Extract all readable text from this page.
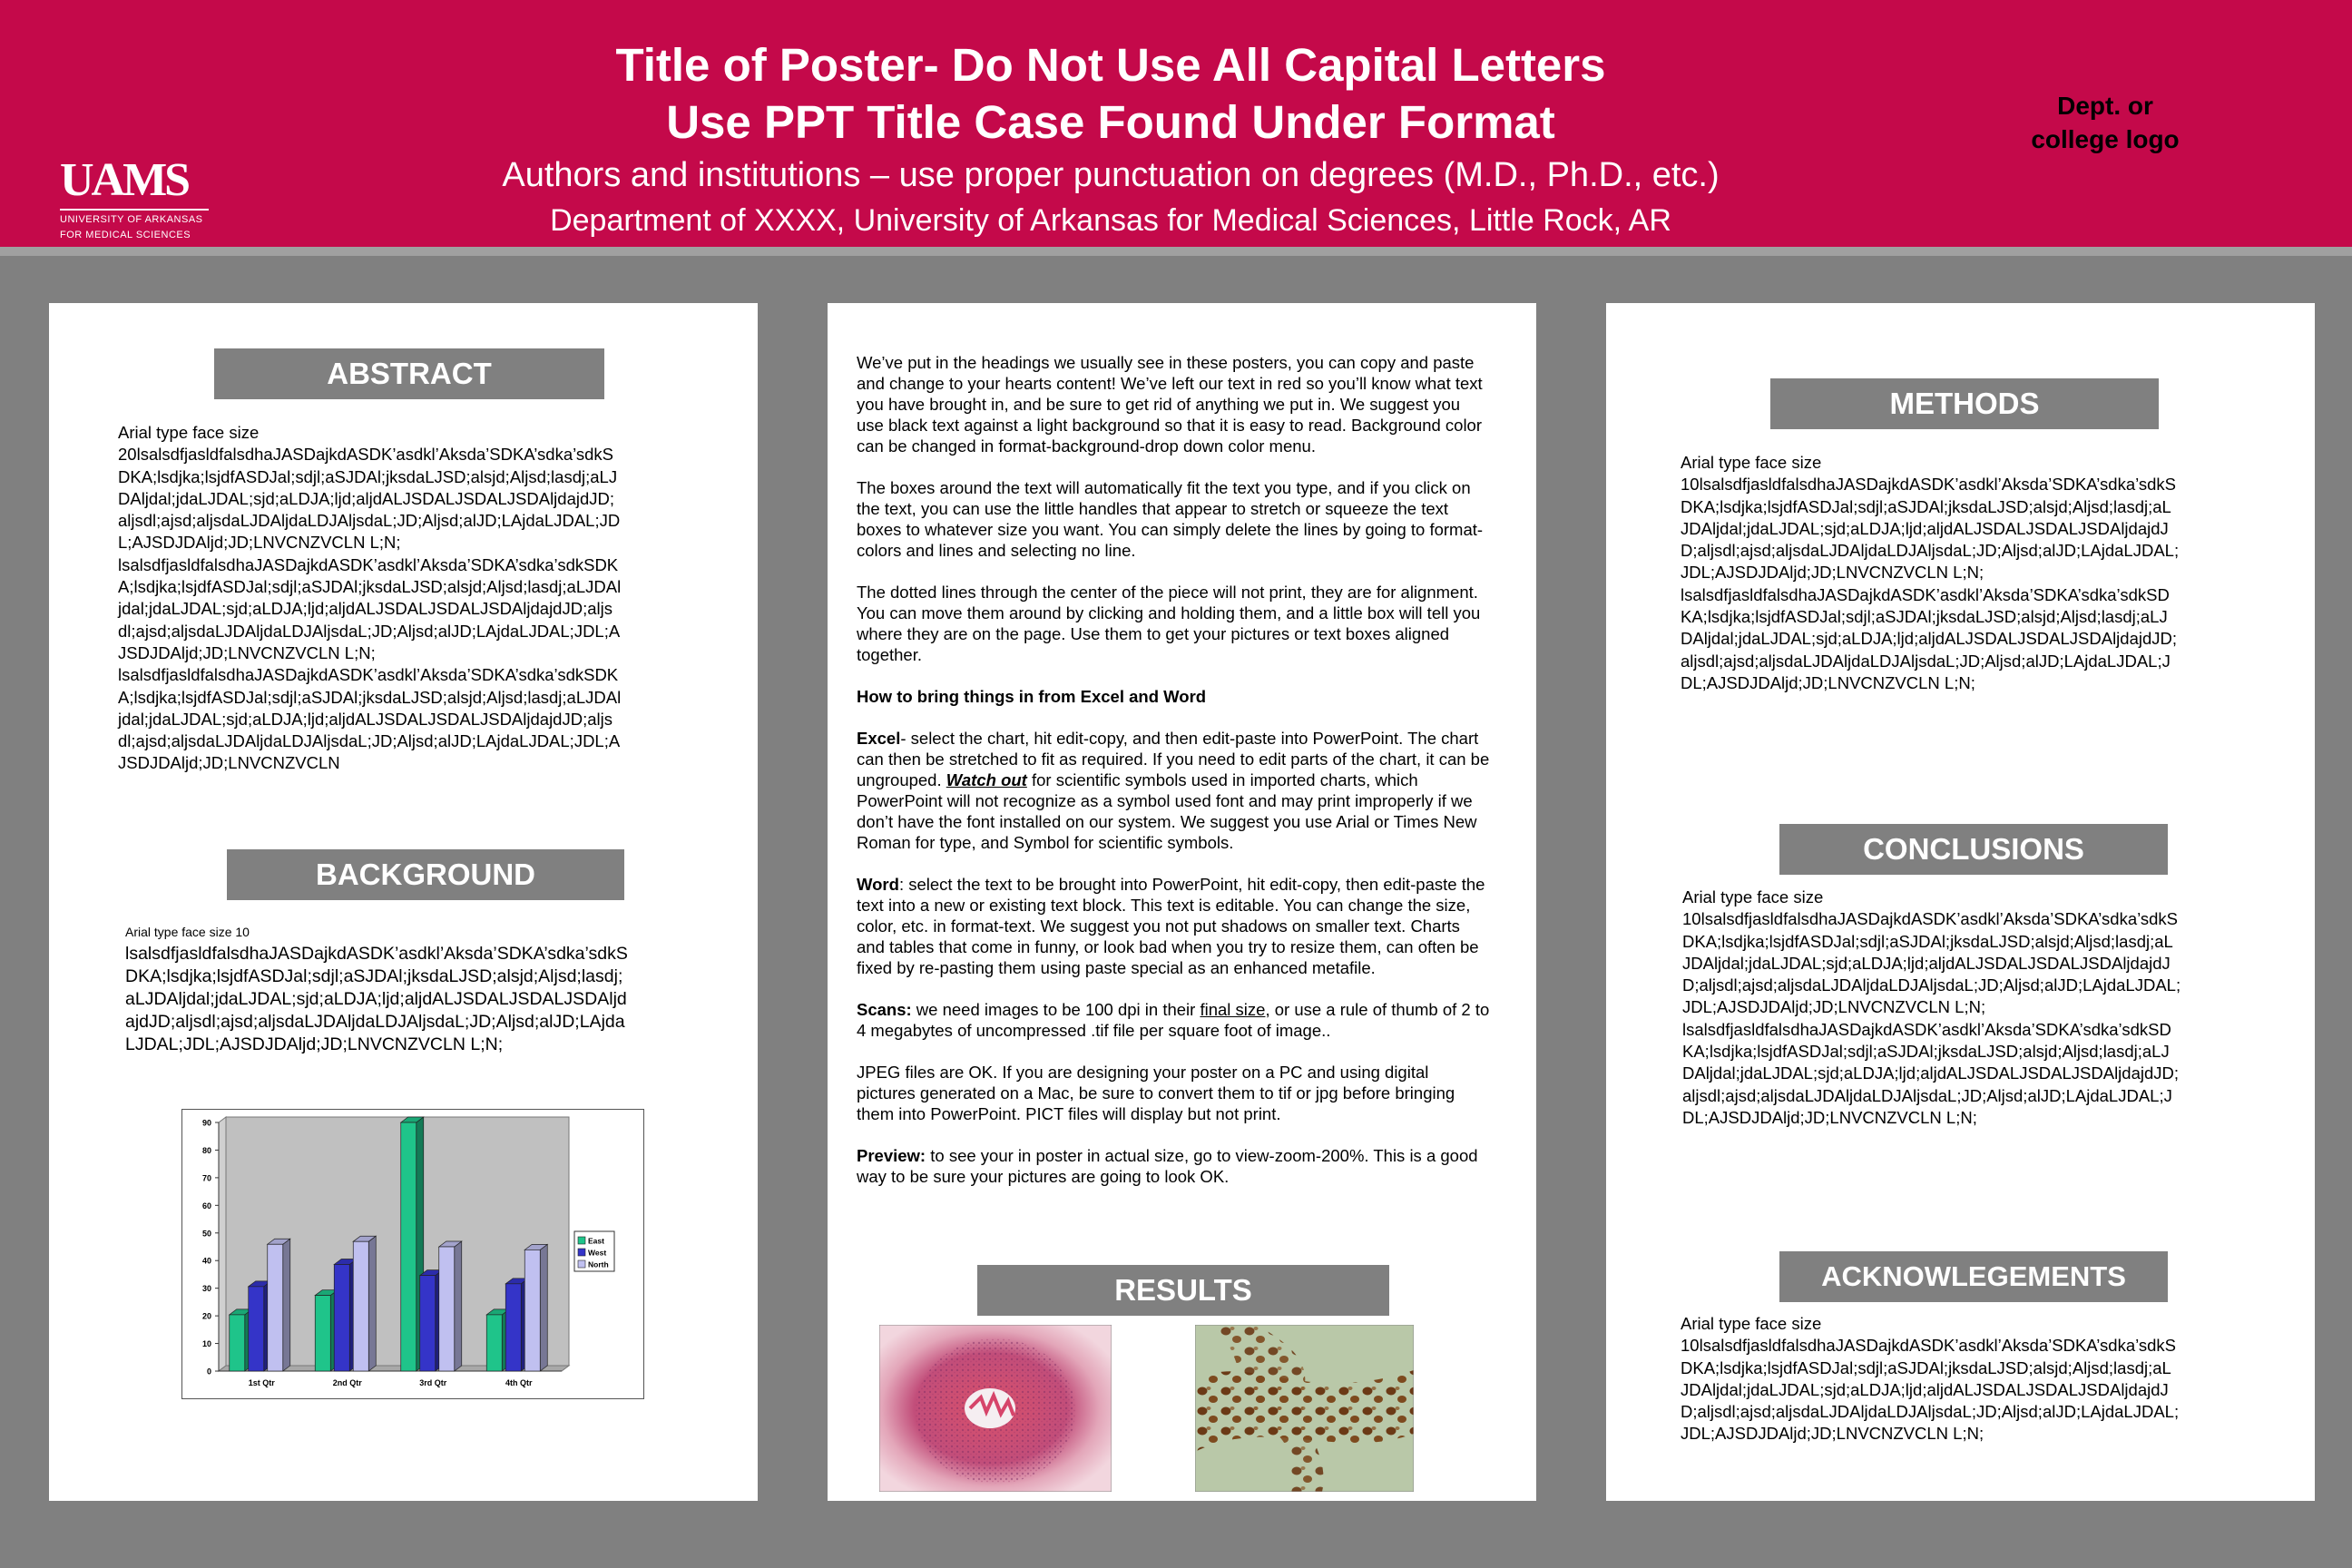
Title of Poster- Do Not Use All Capital Letters
Use PPT Title Case Found Under Format
Authors and institutions – use proper punctuation on degrees (M.D., Ph.D., etc.)
Department of XXXX, University of Arkansas for Medical Sciences, Little Rock, AR
UAMS
UNIVERSITY OF ARKANSAS
FOR MEDICAL SCIENCES
Dept. or
college logo
ABSTRACT
Arial type face size
20lsalsdfjasldfalsdhaJASDajkdASDK’asdkl’Aksda’SDKA’sdka’sdkS
DKA;lsdjka;lsjdfASDJal;sdjl;aSJDAl;jksdaLJSD;alsjd;Aljsd;lasdj;aLJ
DAljdal;jdaLJDAL;sjd;aLDJA;ljd;aljdALJSDALJSDALJSDAljdajdJD;
aljsdl;ajsd;aljsdaLJDAljdaLDJAljsdaL;JD;Aljsd;alJD;LAjdaLJDAL;JD
L;AJSDJDAljd;JD;LNVCNZVCLN L;N;
lsalsdfjasldfalsdhaJASDajkdASDK’asdkl’Aksda’SDKA’sdka’sdkSDK
A;lsdjka;lsjdfASDJal;sdjl;aSJDAl;jksdaLJSD;alsjd;Aljsd;lasdj;aLJDAl
jdal;jdaLJDAL;sjd;aLDJA;ljd;aljdALJSDALJSDALJSDAljdajdJD;aljs
dl;ajsd;aljsdaLJDAljdaLDJAljsdaL;JD;Aljsd;alJD;LAjdaLJDAL;JDL;A
JSDJDAljd;JD;LNVCNZVCLN L;N;
lsalsdfjasldfalsdhaJASDajkdASDK’asdkl’Aksda’SDKA’sdka’sdkSDK
A;lsdjka;lsjdfASDJal;sdjl;aSJDAl;jksdaLJSD;alsjd;Aljsd;lasdj;aLJDAl
jdal;jdaLJDAL;sjd;aLDJA;ljd;aljdALJSDALJSDALJSDAljdajdJD;aljs
dl;ajsd;aljsdaLJDAljdaLDJAljsdaL;JD;Aljsd;alJD;LAjdaLJDAL;JDL;A
JSDJDAljd;JD;LNVCNZVCLN
BACKGROUND
Arial type face size 10
lsalsdfjasldfalsdhaJASDajkdASDK’asdkl’Aksda’SDKA’sdka’sdkS
DKA;lsdjka;lsjdfASDJal;sdjl;aSJDAl;jksdaLJSD;alsjd;Aljsd;lasdj;
aLJDAljdal;jdaLJDAL;sjd;aLDJA;ljd;aljdALJSDALJSDALJSDAljd
ajdJD;aljsdl;ajsd;aljsdaLJDAljdaLDJAljsdaL;JD;Aljsd;alJD;LAjda
LJDAL;JDL;AJSDJDAljd;JD;LNVCNZVCLN L;N;
0
10
20
30
40
50
60
70
80
90
1st Qtr	2nd Qtr	3rd Qtr	4th Qtr
East
West
North

We’ve put in the headings we usually see in these posters, you can copy and paste and change to your hearts content! We’ve left our text in red so you’ll know what text you have brought in, and be sure to get rid of anything we put in. We suggest you use black text against a light background so that it is easy to read. Background color can be changed in format-background-drop down color menu.

The boxes around the text will automatically fit the text you type, and if you click on the text, you can use the little handles that appear to stretch or squeeze the text boxes to whatever size you want. You can simply delete the lines by going to format-colors and lines and selecting no line.

The dotted lines through the center of the piece will not print, they are for alignment. You can move them around by clicking and holding them, and a little box will tell you where they are on the page. Use them to get your pictures or text boxes aligned together.

How to bring things in from Excel and Word

Excel- select the chart, hit edit-copy, and then edit-paste into PowerPoint. The chart can then be stretched to fit as required. If you need to edit parts of the chart, it can be ungrouped. Watch out for scientific symbols used in imported charts, which PowerPoint will not recognize as a symbol used font and may print improperly if we don’t have the font installed on our system. We suggest you use Arial or Times New Roman for type, and Symbol for scientific symbols.

Word: select the text to be brought into PowerPoint, hit edit-copy, then edit-paste the text into a new or existing text block. This text is editable. You can change the size, color, etc. in format-text. We suggest you not put shadows on smaller text. Charts and tables that come in funny, or look bad when you try to resize them, can often be fixed by re-pasting them using paste special as an enhanced metafile.

Scans: we need images to be 100 dpi in their final size, or use a rule of thumb of 2 to 4 megabytes of uncompressed .tif file per square foot of image..

JPEG files are OK. If you are designing your poster on a PC and using digital pictures generated on a Mac, be sure to convert them to tif or jpg before bringing them into PowerPoint. PICT files will display but not print.

Preview: to see your in poster in actual size, go to view-zoom-200%. This is a good way to be sure your pictures are going to look OK.

RESULTS
METHODS
Arial type face size
10lsalsdfjasldfalsdhaJASDajkdASDK’asdkl’Aksda’SDKA’sdka’sdkS
DKA;lsdjka;lsjdfASDJal;sdjl;aSJDAl;jksdaLJSD;alsjd;Aljsd;lasdj;aL
JDAljdal;jdaLJDAL;sjd;aLDJA;ljd;aljdALJSDALJSDALJSDAljdajdJ
D;aljsdl;ajsd;aljsdaLJDAljdaLDJAljsdaL;JD;Aljsd;alJD;LAjdaLJDAL;
JDL;AJSDJDAljd;JD;LNVCNZVCLN L;N;
lsalsdfjasldfalsdhaJASDajkdASDK’asdkl’Aksda’SDKA’sdka’sdkSD
KA;lsdjka;lsjdfASDJal;sdjl;aSJDAl;jksdaLJSD;alsjd;Aljsd;lasdj;aLJ
DAljdal;jdaLJDAL;sjd;aLDJA;ljd;aljdALJSDALJSDALJSDAljdajdJD;
aljsdl;ajsd;aljsdaLJDAljdaLDJAljsdaL;JD;Aljsd;alJD;LAjdaLJDAL;J
DL;AJSDJDAljd;JD;LNVCNZVCLN L;N;
CONCLUSIONS
Arial type face size
10lsalsdfjasldfalsdhaJASDajkdASDK’asdkl’Aksda’SDKA’sdka’sdkS
DKA;lsdjka;lsjdfASDJal;sdjl;aSJDAl;jksdaLJSD;alsjd;Aljsd;lasdj;aL
JDAljdal;jdaLJDAL;sjd;aLDJA;ljd;aljdALJSDALJSDALJSDAljdajdJ
D;aljsdl;ajsd;aljsdaLJDAljdaLDJAljsdaL;JD;Aljsd;alJD;LAjdaLJDAL;
JDL;AJSDJDAljd;JD;LNVCNZVCLN L;N;
lsalsdfjasldfalsdhaJASDajkdASDK’asdkl’Aksda’SDKA’sdka’sdkSD
KA;lsdjka;lsjdfASDJal;sdjl;aSJDAl;jksdaLJSD;alsjd;Aljsd;lasdj;aLJ
DAljdal;jdaLJDAL;sjd;aLDJA;ljd;aljdALJSDALJSDALJSDAljdajdJD;
aljsdl;ajsd;aljsdaLJDAljdaLDJAljsdaL;JD;Aljsd;alJD;LAjdaLJDAL;J
DL;AJSDJDAljd;JD;LNVCNZVCLN L;N;
ACKNOWLEGEMENTS
Arial type face size
10lsalsdfjasldfalsdhaJASDajkdASDK’asdkl’Aksda’SDKA’sdka’sdkS
DKA;lsdjka;lsjdfASDJal;sdjl;aSJDAl;jksdaLJSD;alsjd;Aljsd;lasdj;aL
JDAljdal;jdaLJDAL;sjd;aLDJA;ljd;aljdALJSDALJSDALJSDAljdajdJ
D;aljsdl;ajsd;aljsdaLJDAljdaLDJAljsdaL;JD;Aljsd;alJD;LAjdaLJDAL;
JDL;AJSDJDAljd;JD;LNVCNZVCLN L;N;
